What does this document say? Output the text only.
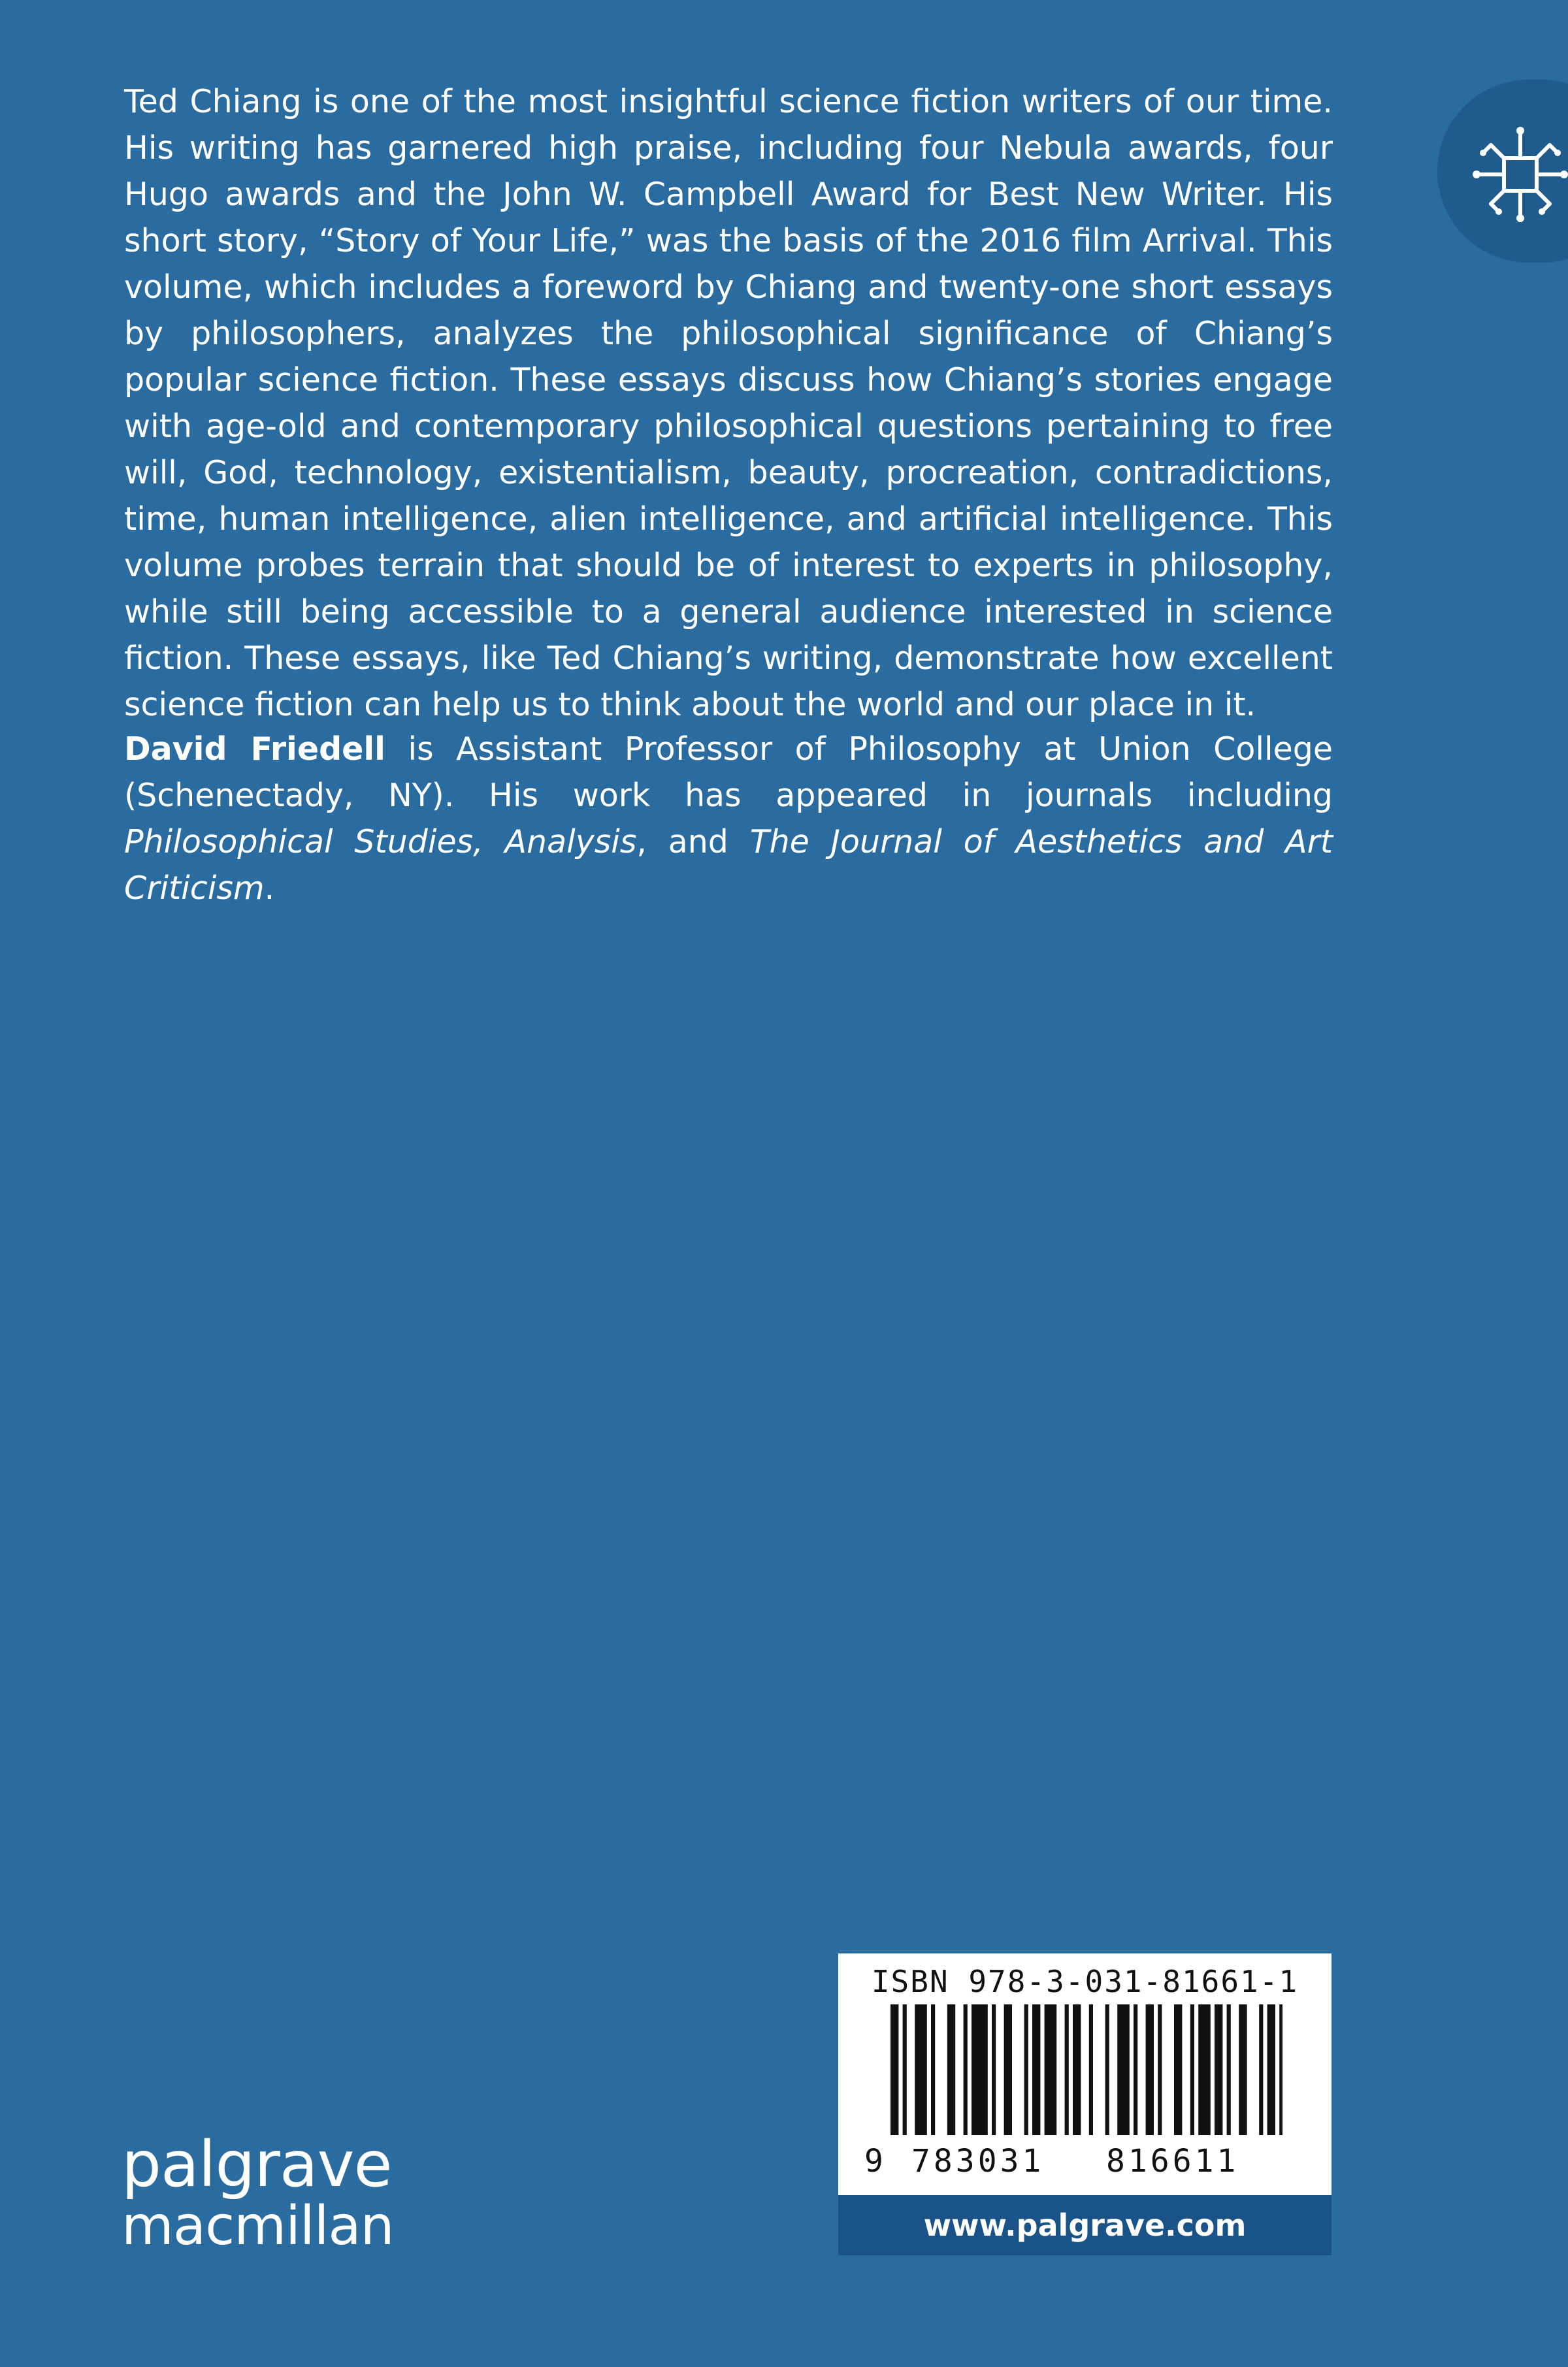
Ted Chiang is one of the most insightful science fiction writers of our time. His writing has garnered high praise, including four Nebula awards, four Hugo awards and the John W. Campbell Award for Best New Writer. His short story, “Story of Your Life,” was the basis of the 2016 film Arrival. This volume, which includes a foreword by Chiang and twenty-one short essays by philosophers, analyzes the philosophical significance of Chiang’s popular science fiction. These essays discuss how Chiang’s stories engage with age-old and contemporary philosophical questions pertaining to free will, God, technology, existentialism, beauty, procreation, contradictions, time, human intelligence, alien intelligence, and artificial intelligence. This volume probes terrain that should be of interest to experts in philosophy, while still being accessible to a general audience interested in science fiction. These essays, like Ted Chiang’s writing, demonstrate how excellent science fiction can help us to think about the world and our place in it.

David Friedell is Assistant Professor of Philosophy at Union College (Schenectady, NY). His work has appeared in journals including Philosophical Studies, Analysis, and The Journal of Aesthetics and Art Criticism.

palgrave
macmillan
ISBN 978-3-031-81661-1
9 783031 816611
www.palgrave.com
